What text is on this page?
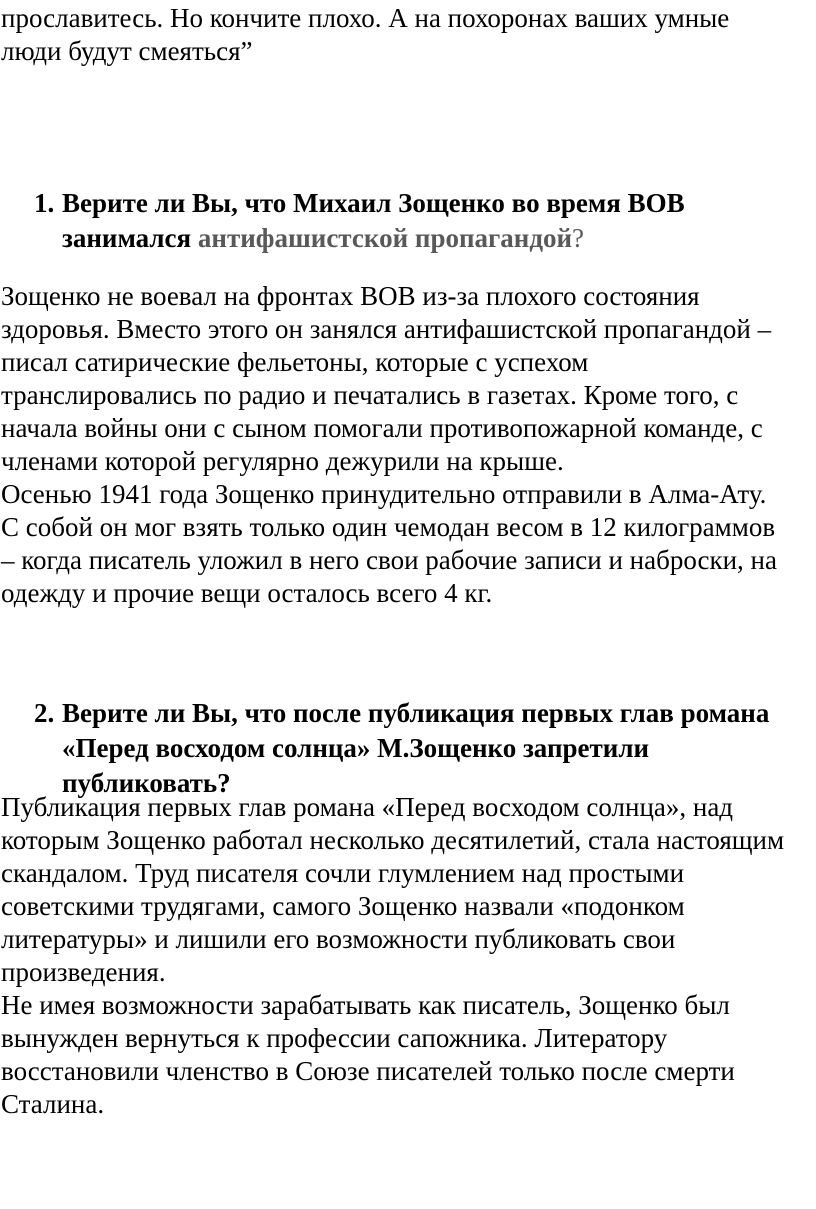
прославитесь. Но кончите плохо. А на похоронах ваших умные
люди будут смеяться”

1. Верите ли Вы, что Михаил Зощенко во время ВОВ
занимался антифашистской пропагандой?

Зощенко не воевал на фронтах ВОВ из-за плохого состояния
здоровья. Вместо этого он занялся антифашистской пропагандой –
писал сатирические фельетоны, которые с успехом
транслировались по радио и печатались в газетах. Кроме того, с
начала войны они с сыном помогали противопожарной команде, с
членами которой регулярно дежурили на крыше.
Осенью 1941 года Зощенко принудительно отправили в Алма-Ату.
С собой он мог взять только один чемодан весом в 12 килограммов
– когда писатель уложил в него свои рабочие записи и наброски, на
одежду и прочие вещи осталось всего 4 кг.

2. Верите ли Вы, что после публикация первых глав романа
«Перед восходом солнца» М.Зощенко запретили
публиковать?

Публикация первых глав романа «Перед восходом солнца», над
которым Зощенко работал несколько десятилетий, стала настоящим
скандалом. Труд писателя сочли глумлением над простыми
советскими трудягами, самого Зощенко назвали «подонком
литературы» и лишили его возможности публиковать свои
произведения.
Не имея возможности зарабатывать как писатель, Зощенко был
вынужден вернуться к профессии сапожника. Литератору
восстановили членство в Союзе писателей только после смерти
Сталина.
